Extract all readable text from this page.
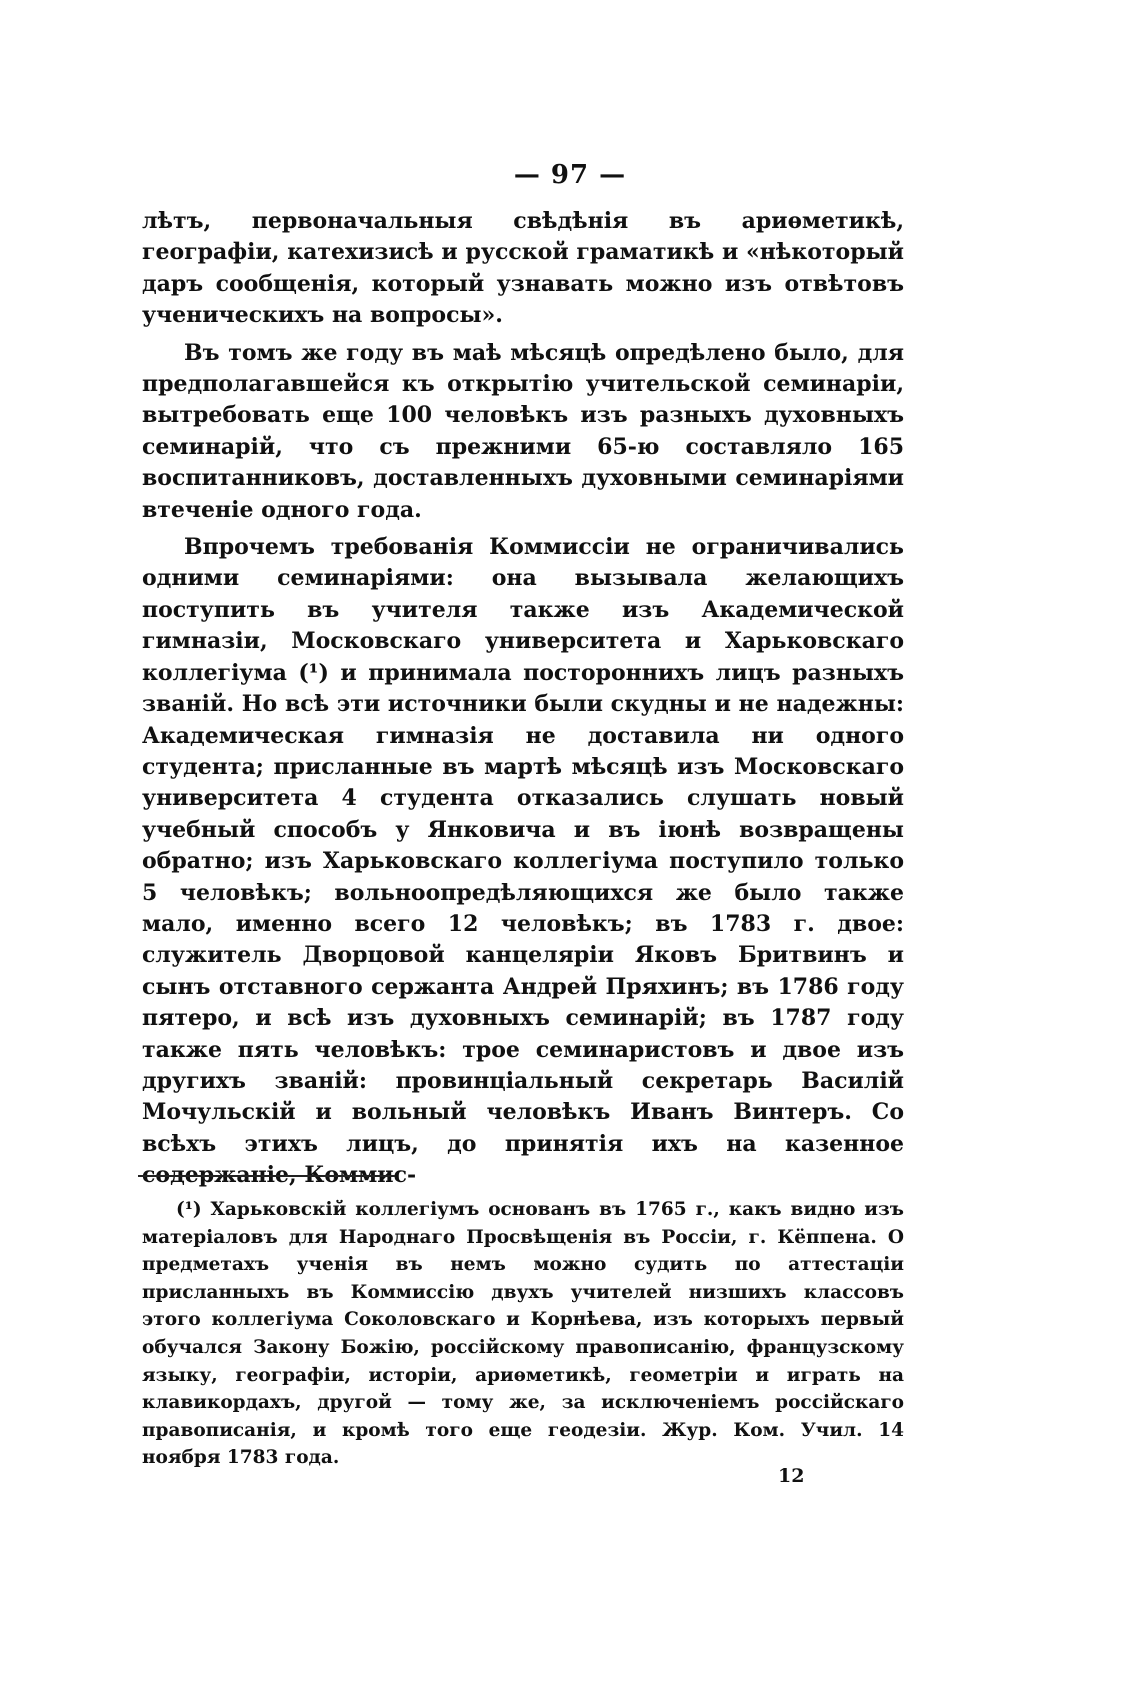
— 97 —

лѣтъ, первоначальныя свѣдѣнія въ ариѳметикѣ, географіи, катехизисѣ и русской граматикѣ и «нѣкоторый даръ сообщенія, который узнавать можно изъ отвѣтовъ ученическихъ на вопросы».

Въ томъ же году въ маѣ мѣсяцѣ опредѣлено было, для предполагавшейся къ открытію учительской семинаріи, вытребовать еще 100 человѣкъ изъ разныхъ духовныхъ семинарій, что съ прежними 65-ю составляло 165 воспитанниковъ, доставленныхъ духовными семинаріями втеченіе одного года.

Впрочемъ требованія Коммиссіи не ограничивались одними семинаріями: она вызывала желающихъ поступить въ учителя также изъ Академической гимназіи, Московскаго университета и Харьковскаго коллегіума (¹) и принимала постороннихъ лицъ разныхъ званій. Но всѣ эти источники были скудны и не надежны: Академичеcкая гимназія не доставила ни одного студента; присланные въ мартѣ мѣсяцѣ изъ Московскаго университета 4 студента отказались слушать новый учебный способъ у Янковича и въ іюнѣ возвращены обратно; изъ Харьковскаго коллегіума поступило только 5 человѣкъ; вольноопредѣляющихся же было также мало, именно всего 12 человѣкъ; въ 1783 г. двое: служитель Дворцовой канцеляріи Яковъ Бритвинъ и сынъ отставного сержанта Андрей Пряхинъ; въ 1786 году пятеро, и всѣ изъ духовныхъ семинарій; въ 1787 году также пять человѣкъ: трое семинаристовъ и двое изъ другихъ званій: провинціальный секретарь Василій Мочульскій и вольный человѣкъ Иванъ Винтеръ. Со всѣхъ этихъ лицъ, до принятія ихъ на казенное содержаніе, Коммис-

(¹) Харьковскій коллегіумъ основанъ въ 1765 г., какъ видно изъ матеріаловъ для Народнаго Просвѣщенія въ Россіи, г. Кёппена. О предметахъ ученія въ немъ можно судить по аттестаціи присланныхъ въ Коммиссію двухъ учителей низшихъ классовъ этого коллегіума Соколовскаго и Корнѣева, изъ которыхъ первый обучался Закону Божію, россійскому правописанію, французскому языку, географіи, исторіи, ариѳметикѣ, геометріи и играть на клавикордахъ, другой — тому же, за исключеніемъ россійскаго правописанія, и кромѣ того еще геодезіи. Жур. Ком. Учил. 14 ноября 1783 года.

12
